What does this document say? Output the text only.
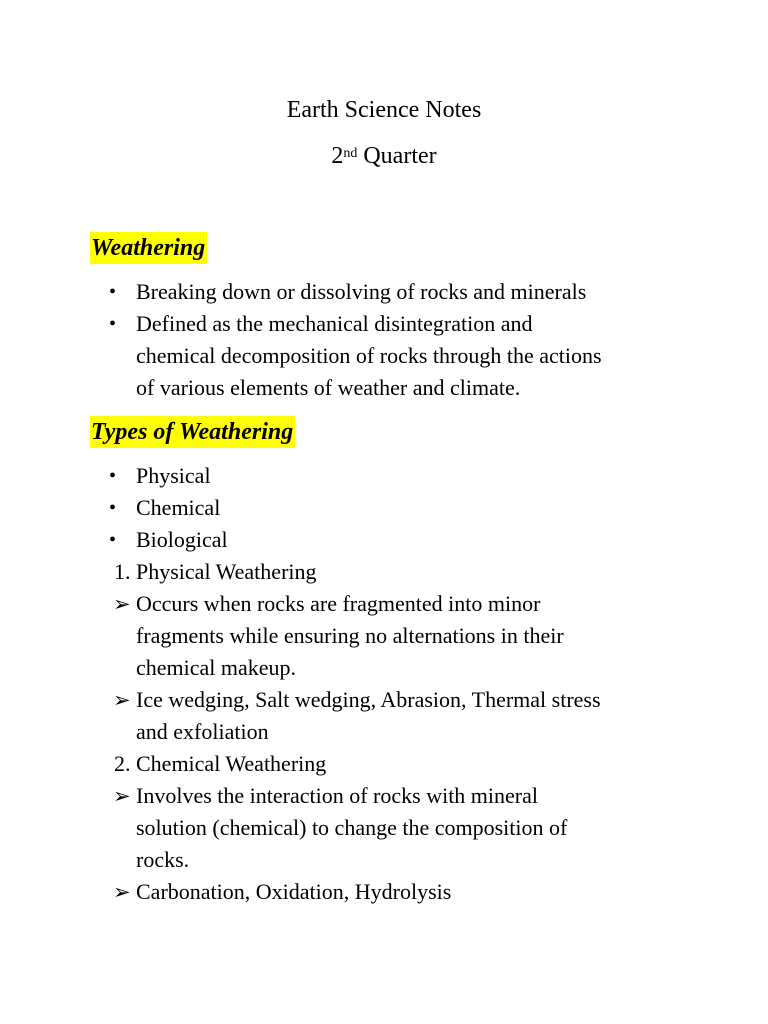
Earth Science Notes
2nd Quarter
Weathering
• Breaking down or dissolving of rocks and minerals
• Defined as the mechanical disintegration and
chemical decomposition of rocks through the actions
of various elements of weather and climate.
Types of Weathering
• Physical
• Chemical
• Biological
1. Physical Weathering
➢ Occurs when rocks are fragmented into minor
fragments while ensuring no alternations in their
chemical makeup.
➢ Ice wedging, Salt wedging, Abrasion, Thermal stress
and exfoliation
2. Chemical Weathering
➢ Involves the interaction of rocks with mineral
solution (chemical) to change the composition of
rocks.
➢ Carbonation, Oxidation, Hydrolysis
